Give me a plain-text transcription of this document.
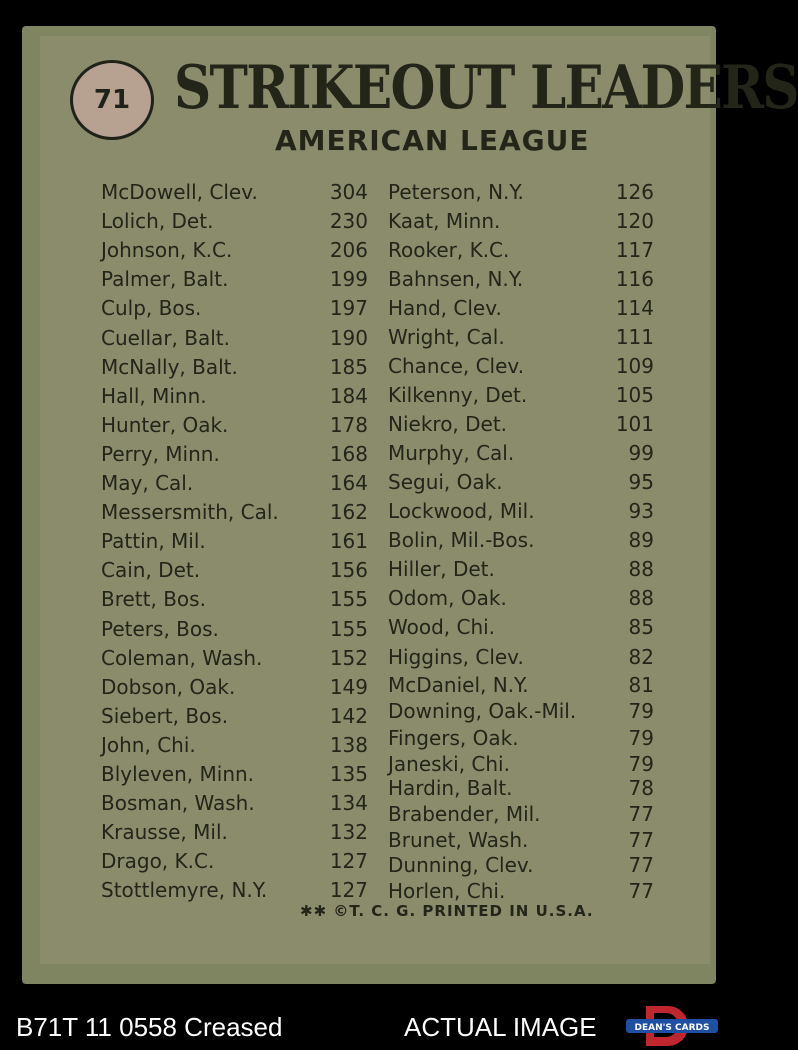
71 STRIKEOUT LEADERS
AMERICAN LEAGUE
McDowell, Clev.	304
Lolich, Det.	230
Johnson, K.C.	206
Palmer, Balt.	199
Culp, Bos.	197
Cuellar, Balt.	190
McNally, Balt.	185
Hall, Minn.	184
Hunter, Oak.	178
Perry, Minn.	168
May, Cal.	164
Messersmith, Cal.	162
Pattin, Mil.	161
Cain, Det.	156
Brett, Bos.	155
Peters, Bos.	155
Coleman, Wash.	152
Dobson, Oak.	149
Siebert, Bos.	142
John, Chi.	138
Blyleven, Minn.	135
Bosman, Wash.	134
Krausse, Mil.	132
Drago, K.C.	127
Stottlemyre, N.Y.	127
Peterson, N.Y.	126
Kaat, Minn.	120
Rooker, K.C.	117
Bahnsen, N.Y.	116
Hand, Clev.	114
Wright, Cal.	111
Chance, Clev.	109
Kilkenny, Det.	105
Niekro, Det.	101
Murphy, Cal.	99
Segui, Oak.	95
Lockwood, Mil.	93
Bolin, Mil.-Bos.	89
Hiller, Det.	88
Odom, Oak.	88
Wood, Chi.	85
Higgins, Clev.	82
McDaniel, N.Y.	81
Downing, Oak.-Mil.	79
Fingers, Oak.	79
Janeski, Chi.	79
Hardin, Balt.	78
Brabender, Mil.	77
Brunet, Wash.	77
Dunning, Clev.	77
Horlen, Chi.	77
✱✱ ©T. C. G. PRINTED IN U.S.A.
B71T 11 0558 Creased	ACTUAL IMAGE	DEAN'S CARDS
